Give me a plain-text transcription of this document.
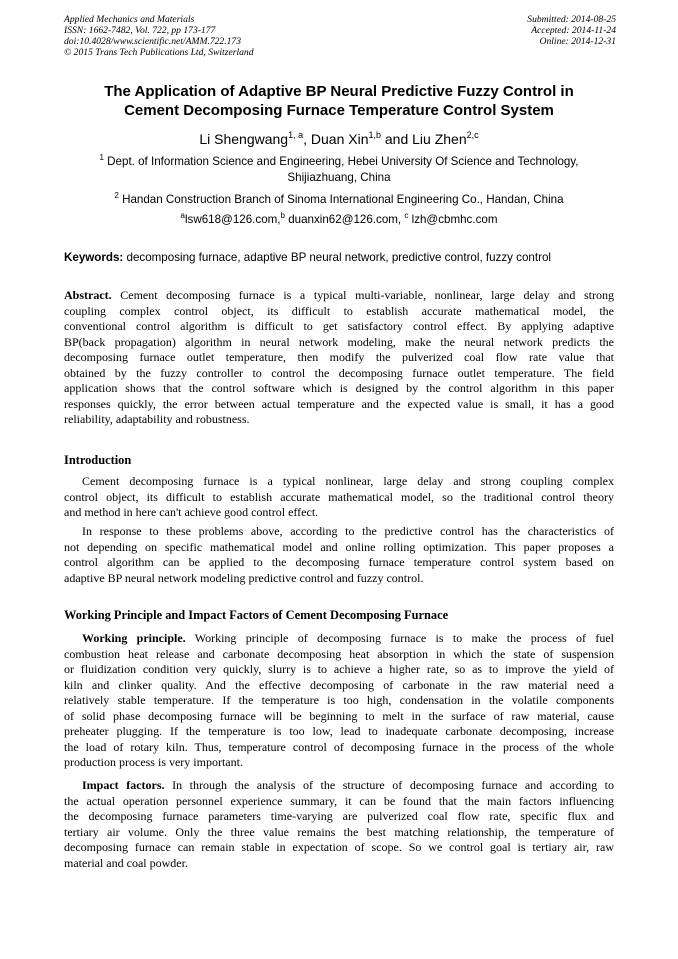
Applied Mechanics and Materials
ISSN: 1662-7482, Vol. 722, pp 173-177
doi:10.4028/www.scientific.net/AMM.722.173
© 2015 Trans Tech Publications Ltd, Switzerland
Submitted: 2014-08-25
Accepted: 2014-11-24
Online: 2014-12-31
The Application of Adaptive BP Neural Predictive Fuzzy Control in
Cement Decomposing Furnace Temperature Control System
Li Shengwang$^{1, a}$, Duan Xin$^{1,b}$ and Liu Zhen$^{2,c}$
$^1$ Dept. of Information Science and Engineering, Hebei University Of Science and Technology,
Shijiazhuang, China
$^2$ Handan Construction Branch of Sinoma International Engineering Co., Handan, China
$^a$lsw618@126.com,$^b$ duanxin62@126.com, $^c$ lzh@cbmhc.com
Keywords: decomposing furnace, adaptive BP neural network, predictive control, fuzzy control
Abstract. Cement decomposing furnace is a typical multi-variable, nonlinear, large delay and strong
coupling complex control object, its difficult to establish accurate mathematical model, the
conventional control algorithm is difficult to get satisfactory control effect. By applying adaptive
BP(back propagation) algorithm in neural network modeling, make the neural network predicts the
decomposing furnace outlet temperature, then modify the pulverized coal flow rate value that
obtained by the fuzzy controller to control the decomposing furnace outlet temperature. The field
application shows that the control software which is designed by the control algorithm in this paper
responses quickly, the error between actual temperature and the expected value is small, it has a good
reliability, adaptability and robustness.
Introduction
Cement decomposing furnace is a typical nonlinear, large delay and strong coupling complex
control object, its difficult to establish accurate mathematical model, so the traditional control theory
and method in here can't achieve good control effect.
In response to these problems above, according to the predictive control has the characteristics of
not depending on specific mathematical model and online rolling optimization. This paper proposes a
control algorithm can be applied to the decomposing furnace temperature control system based on
adaptive BP neural network modeling predictive control and fuzzy control.
Working Principle and Impact Factors of Cement Decomposing Furnace
Working principle. Working principle of decomposing furnace is to make the process of fuel
combustion heat release and carbonate decomposing heat absorption in which the state of suspension
or fluidization condition very quickly, slurry is to achieve a higher rate, so as to improve the yield of
kiln and clinker quality. And the effective decomposing of carbonate in the raw material need a
relatively stable temperature. If the temperature is too high, condensation in the volatile components
of solid phase decomposing furnace will be beginning to melt in the surface of raw material, cause
preheater plugging. If the temperature is too low, lead to inadequate carbonate decomposing, increase
the load of rotary kiln. Thus, temperature control of decomposing furnace in the process of the whole
production process is very important.
Impact factors. In through the analysis of the structure of decomposing furnace and according to
the actual operation personnel experience summary, it can be found that the main factors influencing
the decomposing furnace parameters time-varying are pulverized coal flow rate, specific flux and
tertiary air volume. Only the three value remains the best matching relationship, the temperature of
decomposing furnace can remain stable in expectation of scope. So we control goal is tertiary air, raw
material and coal powder.
